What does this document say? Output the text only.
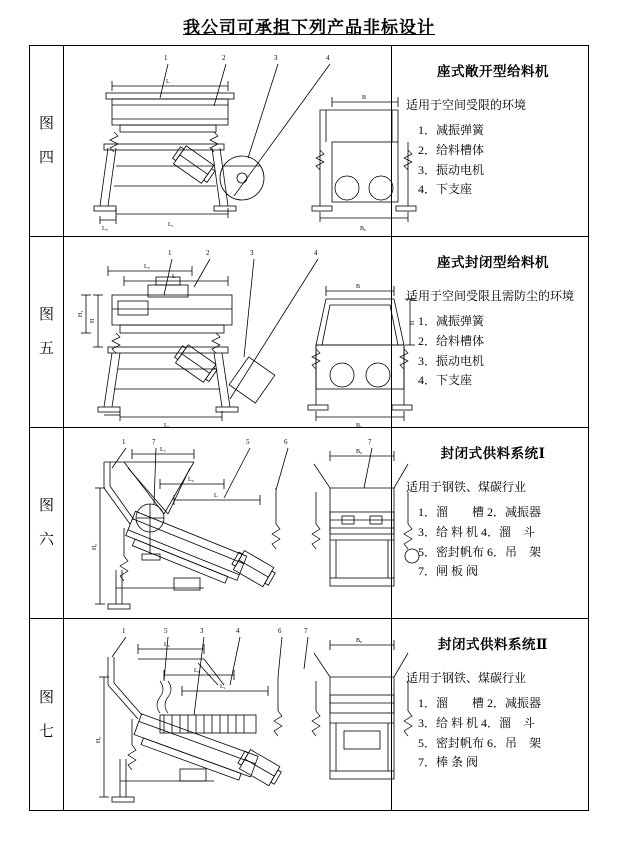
我公司可承担下列产品非标设计
图
四
1	2	3	4
L
L₀
L₁
B
B₀
座式敞开型给料机
适用于空间受限的环境
1．减振弹簧
2．给料槽体
3．振动电机
4．下支座
图
五
1	2	3	4
L₀
L
H
H₁
L₁
B
B₀
H
座式封闭型给料机
适用于空间受限且需防尘的环境
1．减振弹簧
2．给料槽体
3．振动电机
4．下支座
图
六
1	7	5	6	7
L₂
L₀
L
H₀
B₀	封闭式供料系统Ⅰ
适用于钢铁、煤碳行业
1．溜　　槽 2．减振器
3．给 料 机 4．溜　斗
5．密封帆布 6．吊　架
7．闸 板 阀
图
七
1	5	3	4	6	7
L₂
L₀
L₁
H₀
B₀	封闭式供料系统Ⅱ
适用于钢铁、煤碳行业
1．溜　　槽 2．减振器
3．给 料 机 4．溜　斗
5．密封帆布 6．吊　架
7．棒 条 阀
